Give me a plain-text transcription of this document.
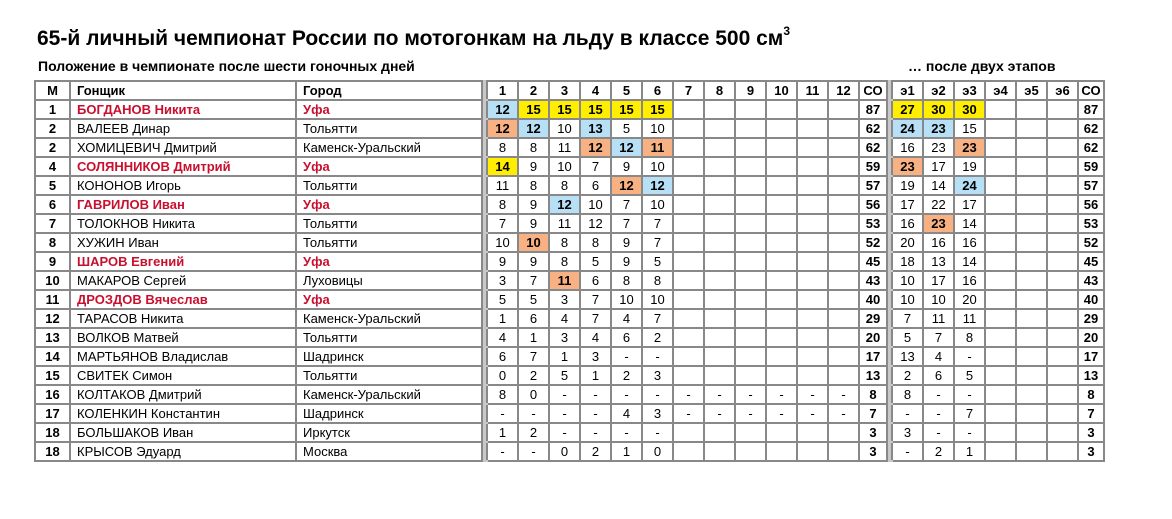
65-й личный чемпионат России по мотогонкам на льду в классе 500 $см^3$
Положение в чемпионате после шести гоночных дней	… после двух этапов
М	Гонщик	Город		1	2	3	4	5	6	7	8	9	10	11	12	СО		э1	э2	э3	э4	э5	э6	СО
1	БОГДАНОВ Никита	Уфа		12	15	15	15	15	15							87		27	30	30				87
2	ВАЛЕЕВ Динар	Тольятти		12	12	10	13	5	10							62		24	23	15				62
2	ХОМИЦЕВИЧ Дмитрий	Каменск-Уральский		8	8	11	12	12	11							62		16	23	23				62
4	СОЛЯННИКОВ Дмитрий	Уфа		14	9	10	7	9	10							59		23	17	19				59
5	КОНОНОВ Игорь	Тольятти		11	8	8	6	12	12							57		19	14	24				57
6	ГАВРИЛОВ Иван	Уфа		8	9	12	10	7	10							56		17	22	17				56
7	ТОЛОКНОВ Никита	Тольятти		7	9	11	12	7	7							53		16	23	14				53
8	ХУЖИН Иван	Тольятти		10	10	8	8	9	7							52		20	16	16				52
9	ШАРОВ Евгений	Уфа		9	9	8	5	9	5							45		18	13	14				45
10	МАКАРОВ Сергей	Луховицы		3	7	11	6	8	8							43		10	17	16				43
11	ДРОЗДОВ Вячеслав	Уфа		5	5	3	7	10	10							40		10	10	20				40
12	ТАРАСОВ Никита	Каменск-Уральский		1	6	4	7	4	7							29		7	11	11				29
13	ВОЛКОВ Матвей	Тольятти		4	1	3	4	6	2							20		5	7	8				20
14	МАРТЬЯНОВ Владислав	Шадринск		6	7	1	3	-	-							17		13	4	-				17
15	СВИТЕК Симон	Тольятти		0	2	5	1	2	3							13		2	6	5				13
16	КОЛТАКОВ Дмитрий	Каменск-Уральский		8	0	-	-	-	-	-	-	-	-	-	-	8		8	-	-				8
17	КОЛЕНКИН Константин	Шадринск		-	-	-	-	4	3	-	-	-	-	-	-	7		-	-	7				7
18	БОЛЬШАКОВ Иван	Иркутск		1	2	-	-	-	-							3		3	-	-				3
18	КРЫСОВ Эдуард	Москва		-	-	0	2	1	0							3		-	2	1				3
